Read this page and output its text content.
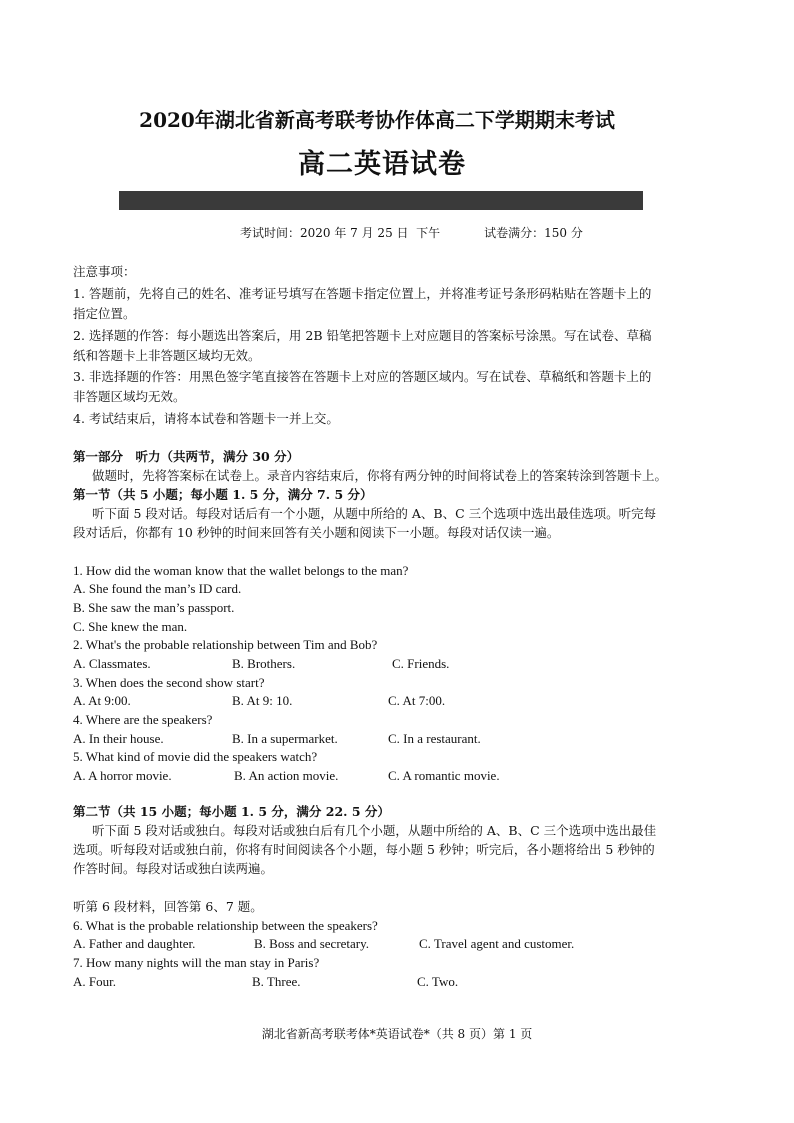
2020年湖北省新高考联考协作体高二下学期期末考试
高二英语试卷
考试时间：2020 年 7 月 25 日  下午	试卷满分：150 分
注意事项：
1. 答题前，先将自己的姓名、准考证号填写在答题卡指定位置上，并将准考证号条形码粘贴在答题卡上的
指定位置。
2. 选择题的作答：每小题选出答案后，用 2B 铅笔把答题卡上对应题目的答案标号涂黑。写在试卷、草稿
纸和答题卡上非答题区域均无效。
3. 非选择题的作答：用黑色签字笔直接答在答题卡上对应的答题区域内。写在试卷、草稿纸和答题卡上的
非答题区域均无效。
4. 考试结束后，请将本试卷和答题卡一并上交。
第一部分　听力（共两节，满分 30 分）
做题时，先将答案标在试卷上。录音内容结束后，你将有两分钟的时间将试卷上的答案转涂到答题卡上。
第一节（共 5 小题；每小题 1. 5 分，满分 7. 5 分）
听下面 5 段对话。每段对话后有一个小题，从题中所给的 A、B、C 三个选项中选出最佳选项。听完每
段对话后，你都有 10 秒钟的时间来回答有关小题和阅读下一小题。每段对话仅读一遍。
1. How did the woman know that the wallet belongs to the man?
A. She found the man’s ID card.
B. She saw the man’s passport.
C. She knew the man.
2. What's the probable relationship between Tim and Bob?
A. Classmates.	B. Brothers.	C. Friends.
3. When does the second show start?
A. At 9:00.	B. At 9: 10.	C. At 7:00.
4. Where are the speakers?
A. In their house.	B. In a supermarket.	C. In a restaurant.
5. What kind of movie did the speakers watch?
A. A horror movie.	B. An action movie.	C. A romantic movie.
第二节（共 15 小题；每小题 1. 5 分，满分 22. 5 分）
听下面 5 段对话或独白。每段对话或独白后有几个小题，从题中所给的 A、B、C 三个选项中选出最佳
选项。听每段对话或独白前，你将有时间阅读各个小题，每小题 5 秒钟；听完后，各小题将给出 5 秒钟的
作答时间。每段对话或独白读两遍。
听第 6 段材料，回答第 6、7 题。
6. What is the probable relationship between the speakers?
A. Father and daughter.	B. Boss and secretary.	C. Travel agent and customer.
7. How many nights will the man stay in Paris?
A. Four.	B. Three.	C. Two.
湖北省新高考联考体*英语试卷*（共 8 页）第 1 页
